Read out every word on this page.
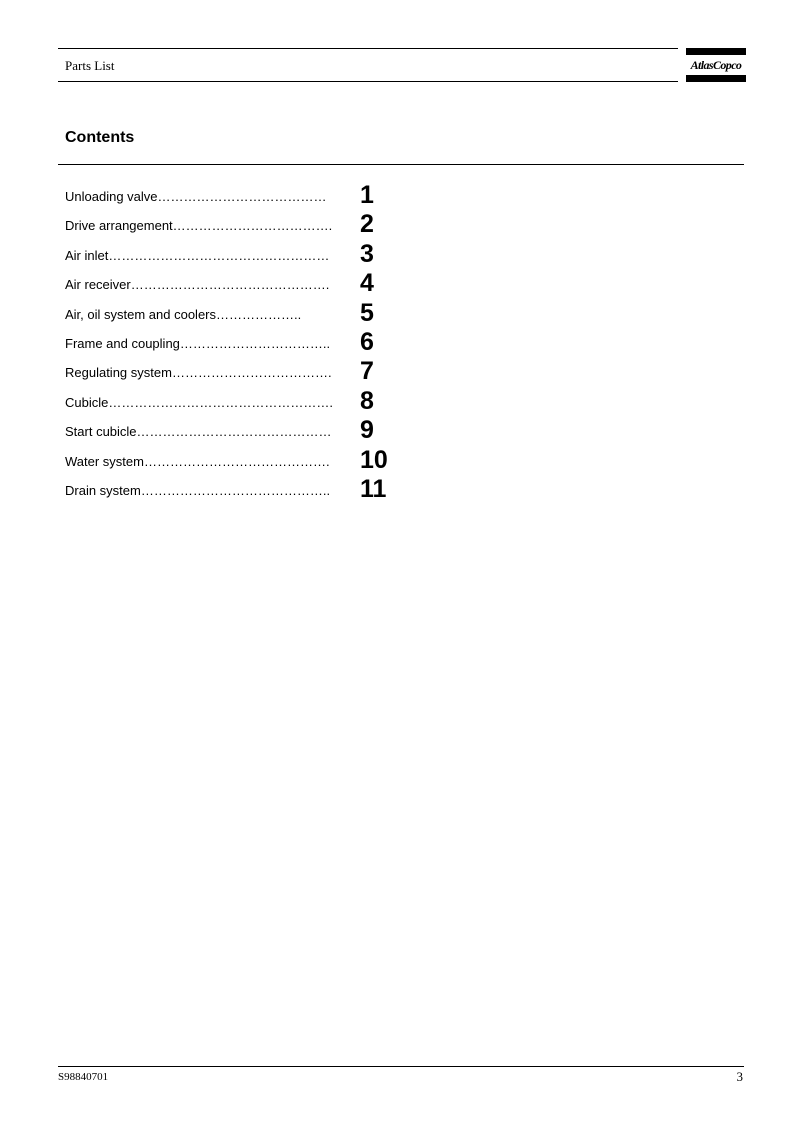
Parts List	AtlasCopco
Contents
Unloading valve………………………………… 1
Drive arrangement………………………………. 2
Air inlet…………………………………………… 3
Air receiver………………………………………. 4
Air, oil system and coolers……………….. 5
Frame and coupling…………………………….. 6
Regulating system………………………………. 7
Cubicle……………………………………………. 8
Start cubicle……………………………………… 9
Water system……………………………………. 10
Drain system…………………………………….. 11
S98840701	3
